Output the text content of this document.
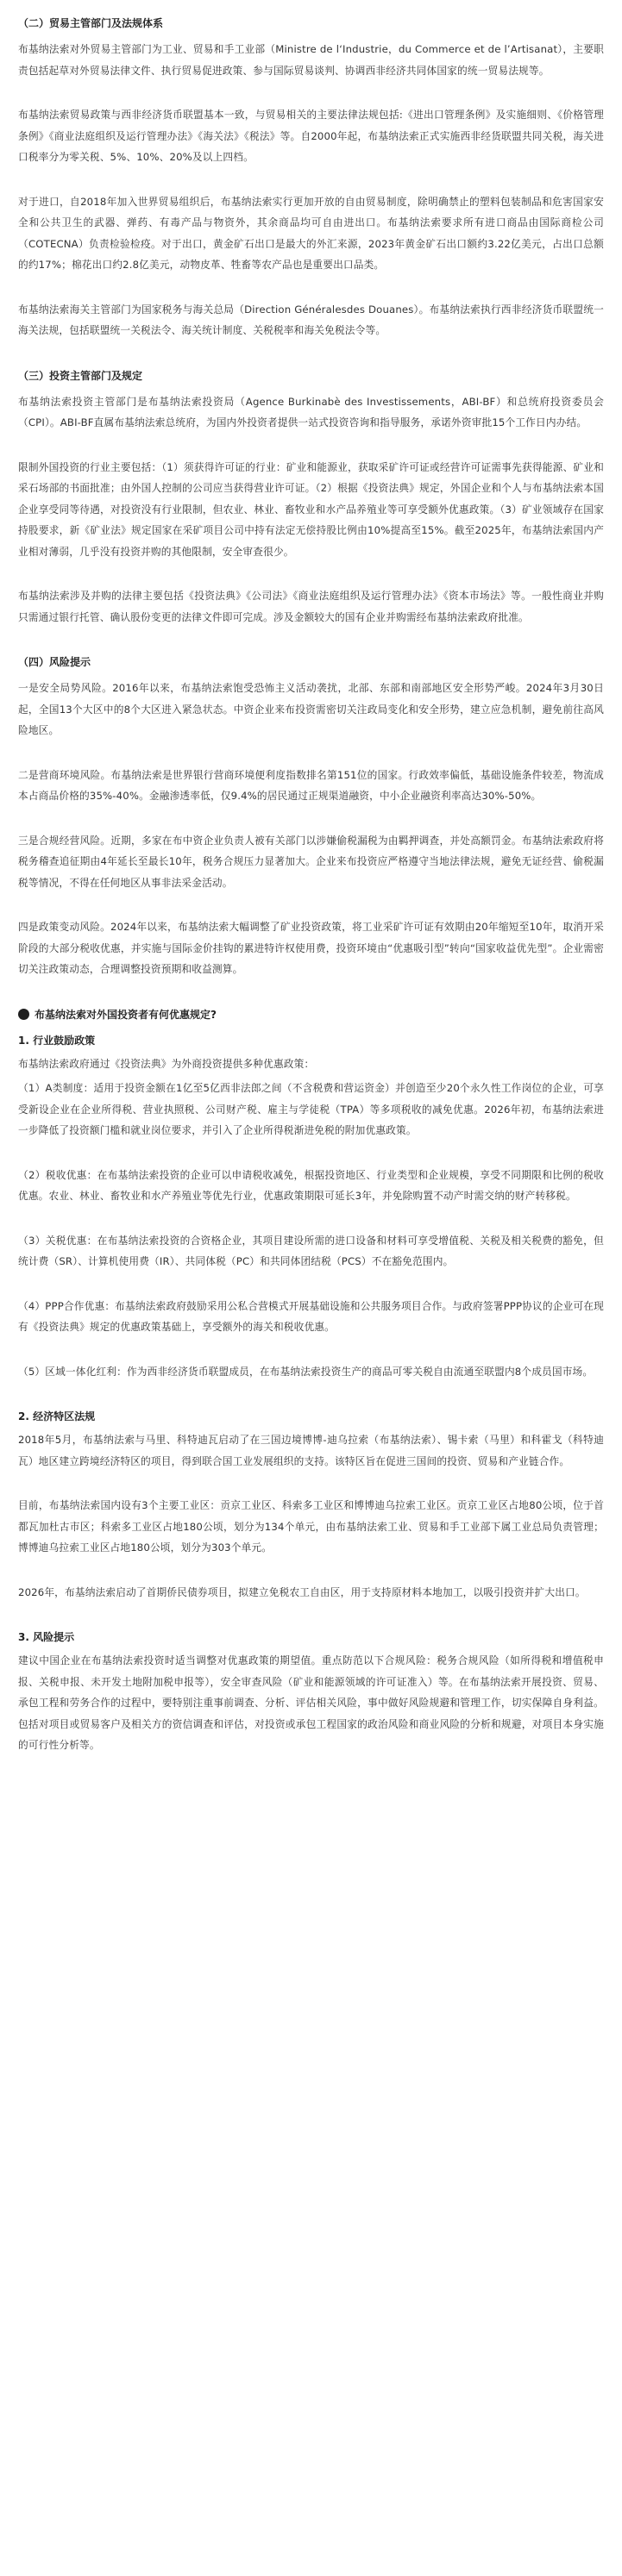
（二）贸易主管部门及法规体系

布基纳法索对外贸易主管部门为工业、贸易和手工业部（Ministre de l‘Industrie，du Commerce et de l’Artisanat），主要职责包括起草对外贸易法律文件、执行贸易促进政策、参与国际贸易谈判、协调西非经济共同体国家的统一贸易法规等。

布基纳法索贸易政策与西非经济货币联盟基本一致，与贸易相关的主要法律法规包括:《进出口管理条例》及实施细则、《价格管理条例》《商业法庭组织及运行管理办法》《海关法》《税法》等。自2000年起，布基纳法索正式实施西非经货联盟共同关税，海关进口税率分为零关税、5%、10%、20%及以上四档。

对于进口，自2018年加入世界贸易组织后，布基纳法索实行更加开放的自由贸易制度，除明确禁止的塑料包装制品和危害国家安全和公共卫生的武器、弹药、有毒产品与物资外，其余商品均可自由进出口。布基纳法索要求所有进口商品由国际商检公司（COTECNA）负责检验检疫。对于出口，黄金矿石出口是最大的外汇来源，2023年黄金矿石出口额约3.22亿美元，占出口总额的约17%；棉花出口约2.8亿美元，动物皮革、牲畜等农产品也是重要出口品类。

布基纳法索海关主管部门为国家税务与海关总局（Direction Généralesdes Douanes）。布基纳法索执行西非经济货币联盟统一海关法规，包括联盟统一关税法令、海关统计制度、关税税率和海关免税法令等。

（三）投资主管部门及规定

布基纳法索投资主管部门是布基纳法索投资局（Agence Burkinabè des Investissements，ABI-BF）和总统府投资委员会（CPI）。ABI-BF直属布基纳法索总统府，为国内外投资者提供一站式投资咨询和指导服务，承诺外资审批15个工作日内办结。

限制外国投资的行业主要包括：（1）须获得许可证的行业：矿业和能源业，获取采矿许可证或经营许可证需事先获得能源、矿业和采石场部的书面批准；由外国人控制的公司应当获得营业许可证。（2）根据《投资法典》规定，外国企业和个人与布基纳法索本国企业享受同等待遇，对投资没有行业限制，但农业、林业、畜牧业和水产品养殖业等可享受额外优惠政策。（3）矿业领域存在国家持股要求，新《矿业法》规定国家在采矿项目公司中持有法定无偿持股比例由10%提高至15%。截至2025年，布基纳法索国内产业相对薄弱，几乎没有投资并购的其他限制，安全审查很少。

布基纳法索涉及并购的法律主要包括《投资法典》《公司法》《商业法庭组织及运行管理办法》《资本市场法》等。一般性商业并购只需通过银行托管、确认股份变更的法律文件即可完成。涉及金额较大的国有企业并购需经布基纳法索政府批准。

（四）风险提示

一是安全局势风险。2016年以来，布基纳法索饱受恐怖主义活动袭扰，北部、东部和南部地区安全形势严峻。2024年3月30日起，全国13个大区中的8个大区进入紧急状态。中资企业来布投资需密切关注政局变化和安全形势，建立应急机制，避免前往高风险地区。

二是营商环境风险。布基纳法索是世界银行营商环境便利度指数排名第151位的国家。行政效率偏低，基础设施条件较差，物流成本占商品价格的35%-40%。金融渗透率低，仅9.4%的居民通过正规渠道融资，中小企业融资利率高达30%-50%。

三是合规经营风险。近期，多家在布中资企业负责人被有关部门以涉嫌偷税漏税为由羁押调查，并处高额罚金。布基纳法索政府将税务稽查追征期由4年延长至最长10年，税务合规压力显著加大。企业来布投资应严格遵守当地法律法规，避免无证经营、偷税漏税等情况，不得在任何地区从事非法采金活动。

四是政策变动风险。2024年以来，布基纳法索大幅调整了矿业投资政策，将工业采矿许可证有效期由20年缩短至10年，取消开采阶段的大部分税收优惠，并实施与国际金价挂钩的累进特许权使用费，投资环境由“优惠吸引型”转向“国家收益优先型”。企业需密切关注政策动态，合理调整投资预期和收益测算。

布基纳法索对外国投资者有何优惠规定?
1. 行业鼓励政策

布基纳法索政府通过《投资法典》为外商投资提供多种优惠政策：

（1）A类制度：适用于投资金额在1亿至5亿西非法郎之间（不含税费和营运资金）并创造至少20个永久性工作岗位的企业，可享受新设企业在企业所得税、营业执照税、公司财产税、雇主与学徒税（TPA）等多项税收的减免优惠。2026年初，布基纳法索进一步降低了投资额门槛和就业岗位要求，并引入了企业所得税渐进免税的附加优惠政策。

（2）税收优惠：在布基纳法索投资的企业可以申请税收减免，根据投资地区、行业类型和企业规模，享受不同期限和比例的税收优惠。农业、林业、畜牧业和水产养殖业等优先行业，优惠政策期限可延长3年，并免除购置不动产时需交纳的财产转移税。

（3）关税优惠：在布基纳法索投资的合资格企业，其项目建设所需的进口设备和材料可享受增值税、关税及相关税费的豁免，但统计费（SR）、计算机使用费（IR）、共同体税（PC）和共同体团结税（PCS）不在豁免范围内。

（4）PPP合作优惠：布基纳法索政府鼓励采用公私合营模式开展基础设施和公共服务项目合作。与政府签署PPP协议的企业可在现有《投资法典》规定的优惠政策基础上，享受额外的海关和税收优惠。

（5）区域一体化红利：作为西非经济货币联盟成员，在布基纳法索投资生产的商品可零关税自由流通至联盟内8个成员国市场。

2. 经济特区法规

2018年5月，布基纳法索与马里、科特迪瓦启动了在三国边境博博-迪乌拉索（布基纳法索）、锡卡索（马里）和科霍戈（科特迪瓦）地区建立跨境经济特区的项目，得到联合国工业发展组织的支持。该特区旨在促进三国间的投资、贸易和产业链合作。

目前，布基纳法索国内设有3个主要工业区：贡京工业区、科索多工业区和博博迪乌拉索工业区。贡京工业区占地80公顷，位于首都瓦加杜古市区；科索多工业区占地180公顷，划分为134个单元，由布基纳法索工业、贸易和手工业部下属工业总局负责管理；博博迪乌拉索工业区占地180公顷，划分为303个单元。

2026年，布基纳法索启动了首期侨民债券项目，拟建立免税农工自由区，用于支持原材料本地加工，以吸引投资并扩大出口。

3. 风险提示

建议中国企业在布基纳法索投资时适当调整对优惠政策的期望值。重点防范以下合规风险：税务合规风险（如所得税和增值税申报、关税申报、未开发土地附加税申报等），安全审查风险（矿业和能源领域的许可证准入）等。在布基纳法索开展投资、贸易、承包工程和劳务合作的过程中，要特别注重事前调查、分析、评估相关风险，事中做好风险规避和管理工作，切实保障自身利益。包括对项目或贸易客户及相关方的资信调查和评估，对投资或承包工程国家的政治风险和商业风险的分析和规避，对项目本身实施的可行性分析等。
